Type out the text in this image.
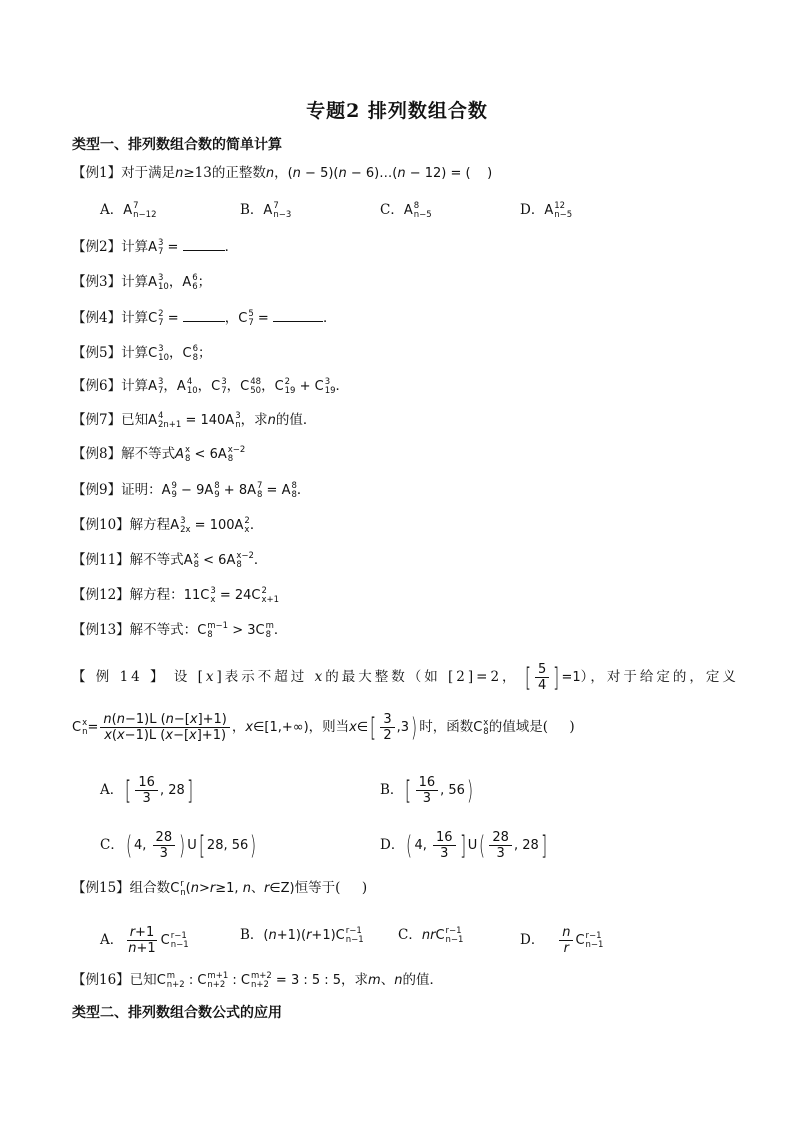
专题2 排列数组合数
类型一、排列数组合数的简单计算
【例1】对于满足n≥13的正整数n，(n − 5)(n − 6)…(n − 12) = (    )
A．A 7
n−12	B．A 7
n−3	C．A 8
n−5	D．A 12
n−5
【例2】计算A 3
7 =	．
【例3】计算A 3
10 ，A 6
6 ；
【例4】计算C 2
7 =	，C 5
7 =	．
【例5】计算C 3
10 ，C 6
8 ；
【例6】计算A 3
7 ，A 4
10 ，C 3
7 ，C 48
50 ，C 2
19 + C 3
19 ．
【例7】已知A 4
2n+1 = 140A 3
n ，求n的值．
【例8】解不等式A x
8 < 6A x−2
8
【例9】证明：A 9
9 − 9A 8
9 + 8A 7
8 = A 8
8 ．
【例10】解方程A 3
2x = 100A 2
x ．
【例11】解不等式A x
8 < 6A x−2
8 ．
【例12】解方程：11C 3
x = 24C 2
x+1
【例13】解不等式：C m−1
8	> 3C m
8 ．
【 例 14 】 设 [x]表示不超过 x的最大整数（如 [2]=2， [ $\frac{5}{4}$ ] =1），对于给定的，定义
C x
$n = \frac{n(n-1)L (n-[x]+1)}{x(x-1)L (x-[x]+1)}$ ，x∈[1,+∞)，则当x∈[ $\frac{3}{2} ,3$) 时，函数C x
8 的值域是(     )
A．[ $\frac{16}{3}$ , 28]	B．[ $\frac{16}{3}$ , 56)
C．( 4, $\frac{28}{3}$ ) U[ 28, 56)	D．( 4, $\frac{16}{3}$ ] $U( \frac{28}{3}$ , 28]
【例15】组合数C r
n (n>r≥1, n、r∈Z)恒等于(     )
A． $\frac{r+1}{n+1}$ C r−1
n−1
B．(n+1)(r+1)C r−1
n−1	C．nrC r−1
n−1	D． $\frac{n}{r}$ C r−1
n−1
【例16】已知C m
n+2 : C m+1
n+2 : C m+2
n+2 = 3 : 5 : 5，求m、n的值．
类型二、排列数组合数公式的应用
